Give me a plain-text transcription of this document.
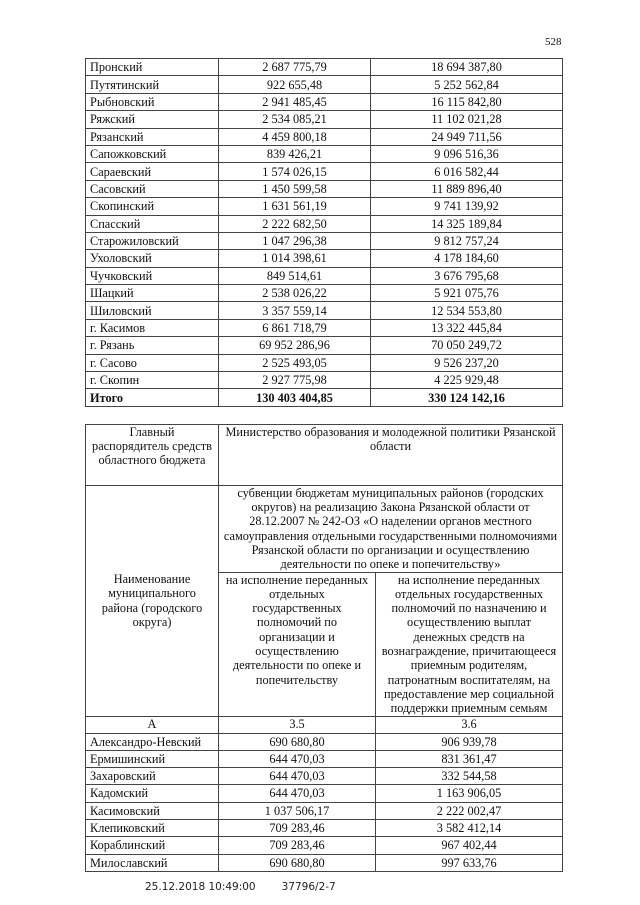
528
Пронский	2 687 775,79	18 694 387,80
Путятинский	922 655,48	5 252 562,84
Рыбновский	2 941 485,45	16 115 842,80
Ряжский	2 534 085,21	11 102 021,28
Рязанский	4 459 800,18	24 949 711,56
Сапожковский	839 426,21	9 096 516,36
Сараевский	1 574 026,15	6 016 582,44
Сасовский	1 450 599,58	11 889 896,40
Скопинский	1 631 561,19	9 741 139,92
Спасский	2 222 682,50	14 325 189,84
Старожиловский	1 047 296,38	9 812 757,24
Ухоловский	1 014 398,61	4 178 184,60
Чучковский	849 514,61	3 676 795,68
Шацкий	2 538 026,22	5 921 075,76
Шиловский	3 357 559,14	12 534 553,80
г. Касимов	6 861 718,79	13 322 445,84
г. Рязань	69 952 286,96	70 050 249,72
г. Сасово	2 525 493,05	9 526 237,20
г. Скопин	2 927 775,98	4 225 929,48
Итого	130 403 404,85	330 124 142,16
Главный распорядитель средств областного бюджета	Министерство образования и молодежной политики Рязанской области	
Наименование муниципального района (городского округа)	субвенции бюджетам муниципальных районов (городских округов) на реализацию Закона Рязанской области от 28.12.2007 № 242-ОЗ «О наделении органов местного самоуправления отдельными государственными полномочиями Рязанской области по организации и осуществлению деятельности по опеке и попечительству»	
	на исполнение переданных отдельных государственных полномочий по организации и осуществлению деятельности по опеке и попечительству	на исполнение переданных отдельных государственных полномочий по назначению и осуществлению выплат денежных средств на вознаграждение, причитающееся приемным родителям, патронатным воспитателям, на предоставление мер социальной поддержки приемным семьям
А	3.5	3.6
Александро-Невский	690 680,80	906 939,78
Ермишинский	644 470,03	831 361,47
Захаровский	644 470,03	332 544,58
Кадомский	644 470,03	1 163 906,05
Касимовский	1 037 506,17	2 222 002,47
Клепиковский	709 283,46	3 582 412,14
Кораблинский	709 283,46	967 402,44
Милославский	690 680,80	997 633,76
25.12.2018 10:49:00 37796/2-7
